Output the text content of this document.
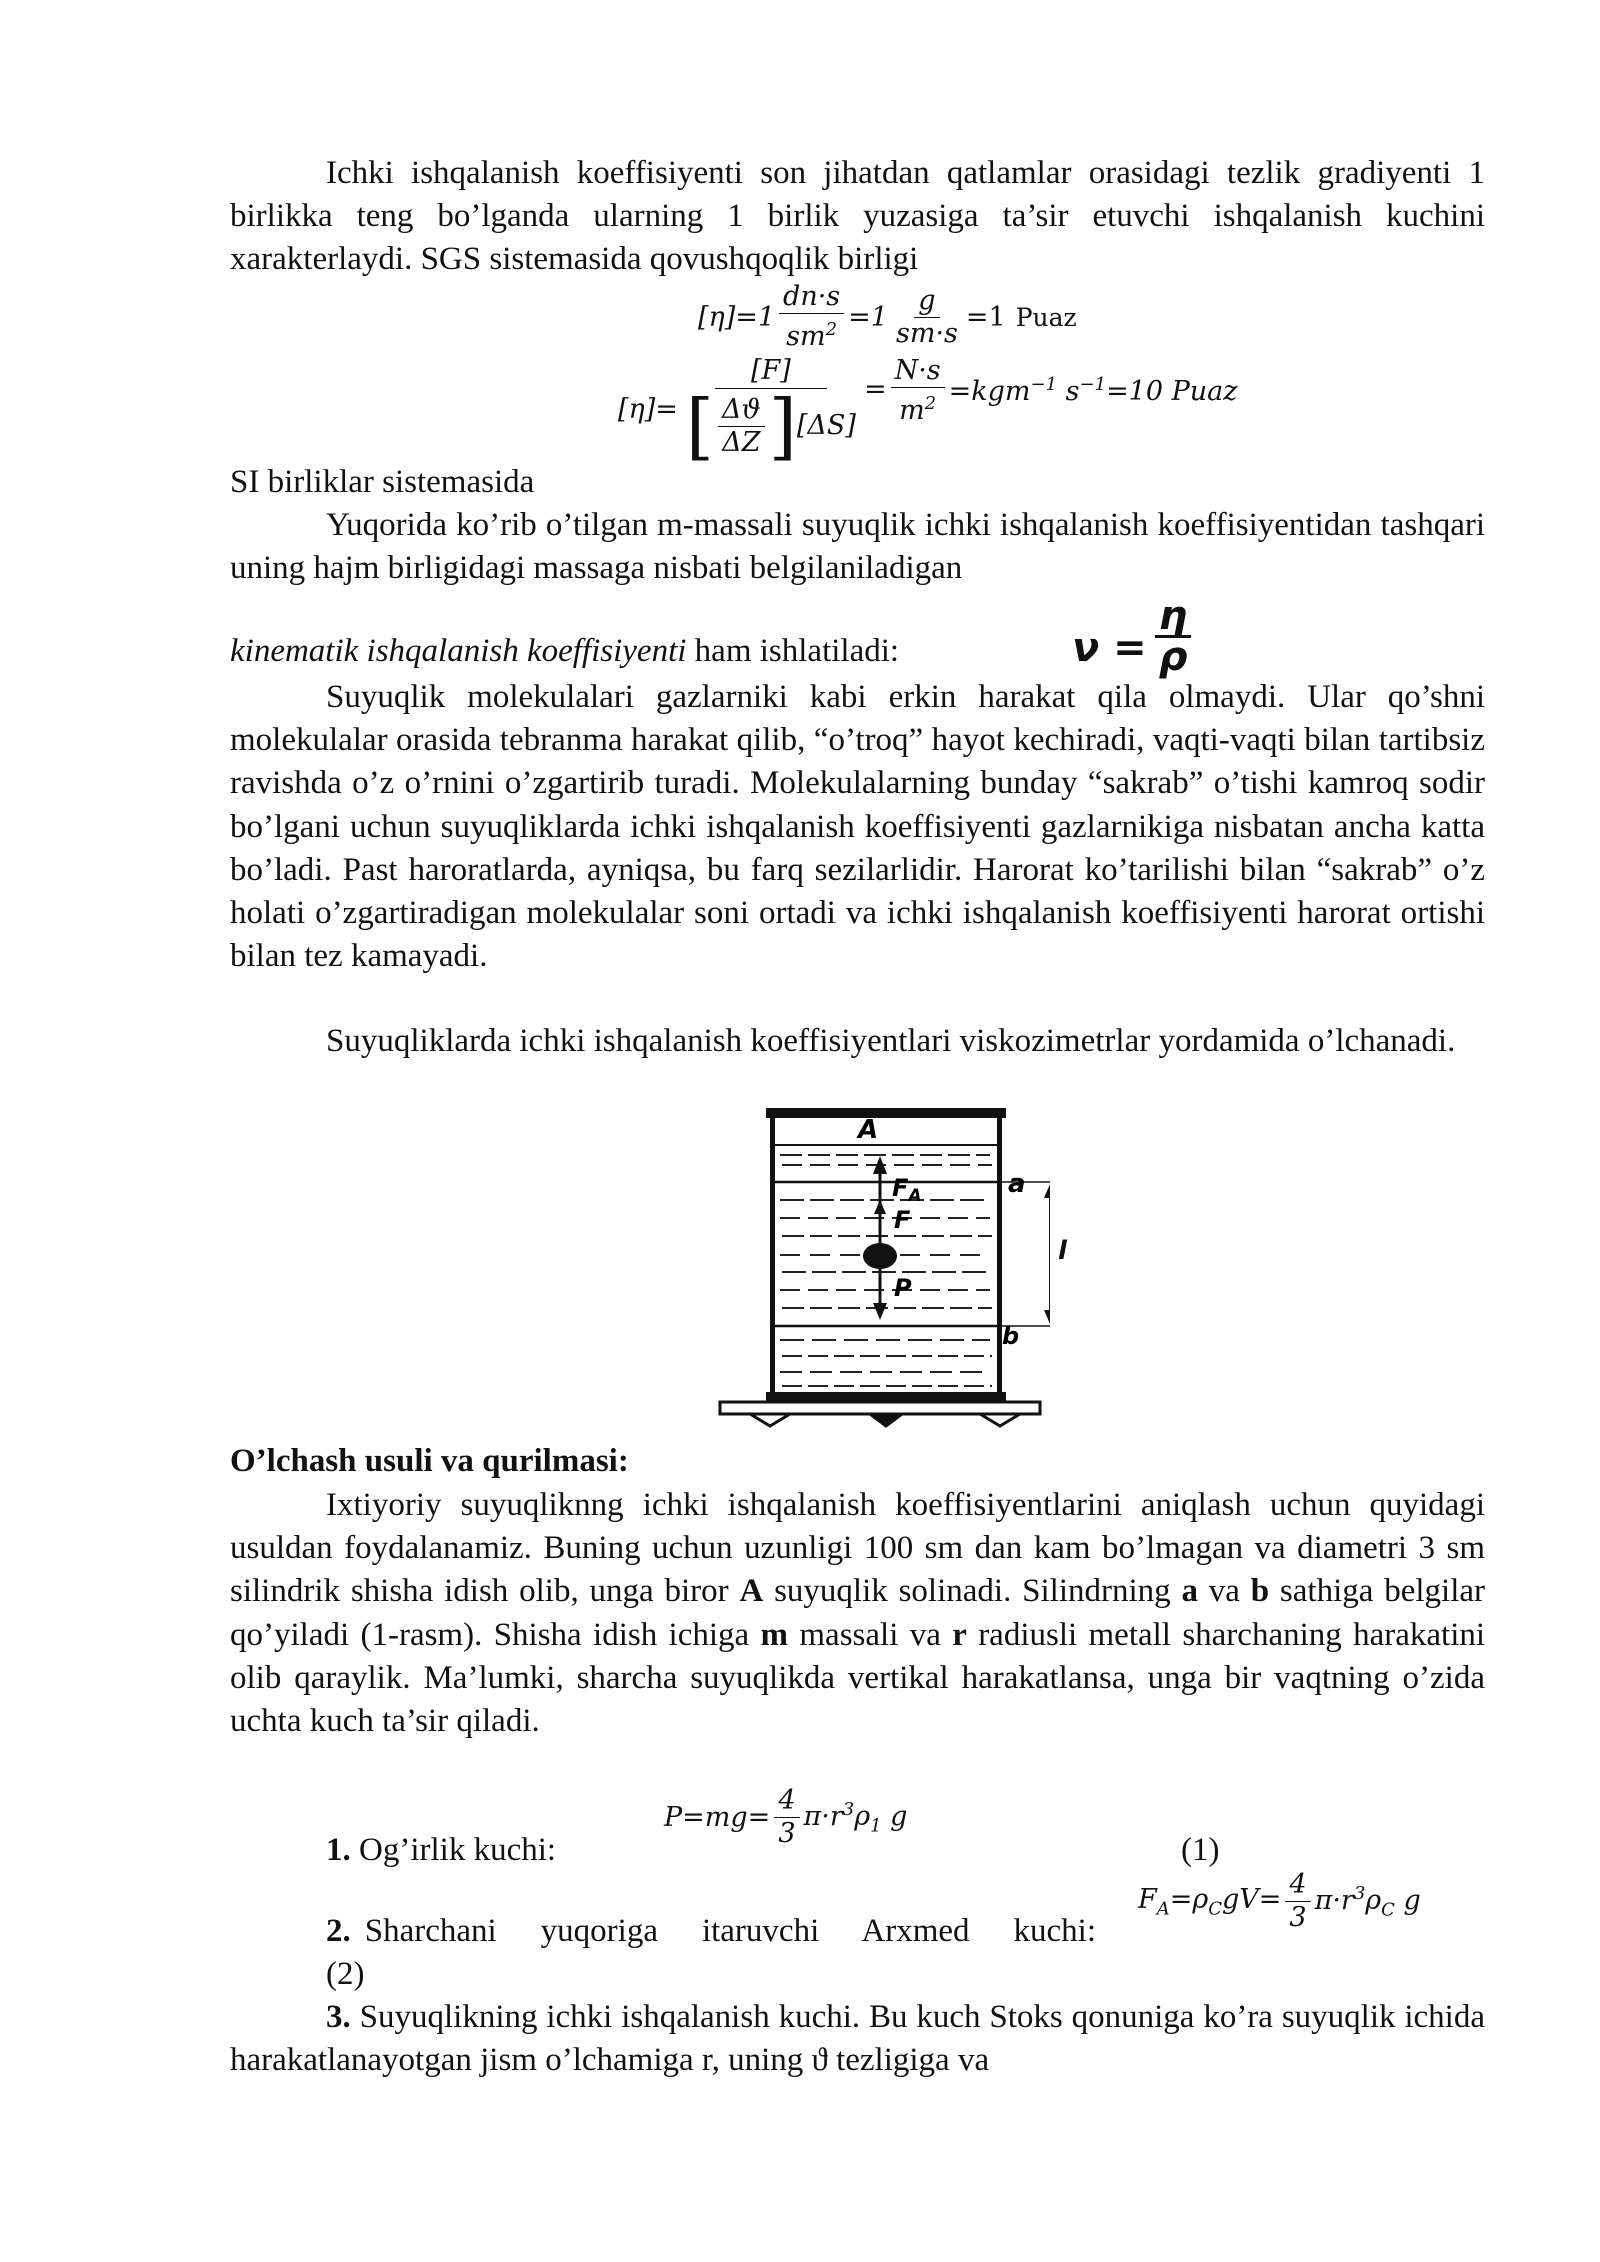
Ichki ishqalanish koeffisiyenti son jihatdan qatlamlar orasidagi tezlik gradiyenti 1 birlikka teng bo’lganda ularning 1 birlik yuzasiga ta’sir etuvchi ishqalanish kuchini xarakterlaydi. SGS sistemasida qovushqoqlik birligi

$[\eta]=1 \frac{dn\cdot s}{sm^2} =1 \frac{g}{sm\cdot s} =1$ Puaz
[η]=
[F]
[ $\frac{\Delta ϑ}{\Delta Z}$ ] [ΔS]
= $\frac{N\cdot s}{m^2} =kgm^{-1}$ $s^{-1}=10$ Puaz
SI birliklar sistemasida

Yuqorida ko’rib o’tilgan m-massali suyuqlik ichki ishqalanish koeffisiyentidan tashqari uning hajm birligidagi massaga nisbati belgilaniladigan

kinematik ishqalanish koeffisiyenti ham ishlatiladi:	$\nu = \frac{\eta}{\rho}$

Suyuqlik molekulalari gazlarniki kabi erkin harakat qila olmaydi. Ular qo’shni molekulalar orasida tebranma harakat qilib, “o’troq” hayot kechiradi, vaqti-vaqti bilan tartibsiz ravishda o’z o’rnini o’zgartirib turadi. Molekulalarning bunday “sakrab” o’tishi kamroq sodir bo’lgani uchun suyuqliklarda ichki ishqalanish koeffisiyenti gazlarnikiga nisbatan ancha katta bo’ladi. Past haroratlarda, ayniqsa, bu farq sezilarlidir. Harorat ko’tarilishi bilan “sakrab” o’z holati o’zgartiradigan molekulalar soni ortadi va ichki ishqalanish koeffisiyenti harorat ortishi bilan tez kamayadi.

Suyuqliklarda ichki ishqalanish koeffisiyentlari viskozimetrlar yordamida o’lchanadi.

A
$F_A$
F
P
a
b
l
O’lchash usuli va qurilmasi:

Ixtiyoriy suyuqliknng ichki ishqalanish koeffisiyentlarini aniqlash uchun quyidagi usuldan foydalanamiz. Buning uchun uzunligi 100 sm dan kam bo’lmagan va diametri 3 sm silindrik shisha idish olib, unga biror A suyuqlik solinadi. Silindrning a va b sathiga belgilar qo’yiladi (1-rasm). Shisha idish ichiga m massali va r radiusli metall sharchaning harakatini olib qaraylik. Ma’lumki, sharcha suyuqlikda vertikal harakatlansa, unga bir vaqtning o’zida uchta kuch ta’sir qiladi.

$P=mg= \frac{4}{3} \pi\cdot r^3\rho_1$ g
1. Og’irlik kuchi:	(1)
$F_A=\rho_CgV= \frac{4}{3} \pi\cdot r^3\rho_C$ g
2. Sharchani yuqoriga itaruvchi Arxmed kuchi:
(2)

3. Suyuqlikning ichki ishqalanish kuchi. Bu kuch Stoks qonuniga ko’ra suyuqlik ichida harakatlanayotgan jism o’lchamiga r, uning ϑ tezligiga va
